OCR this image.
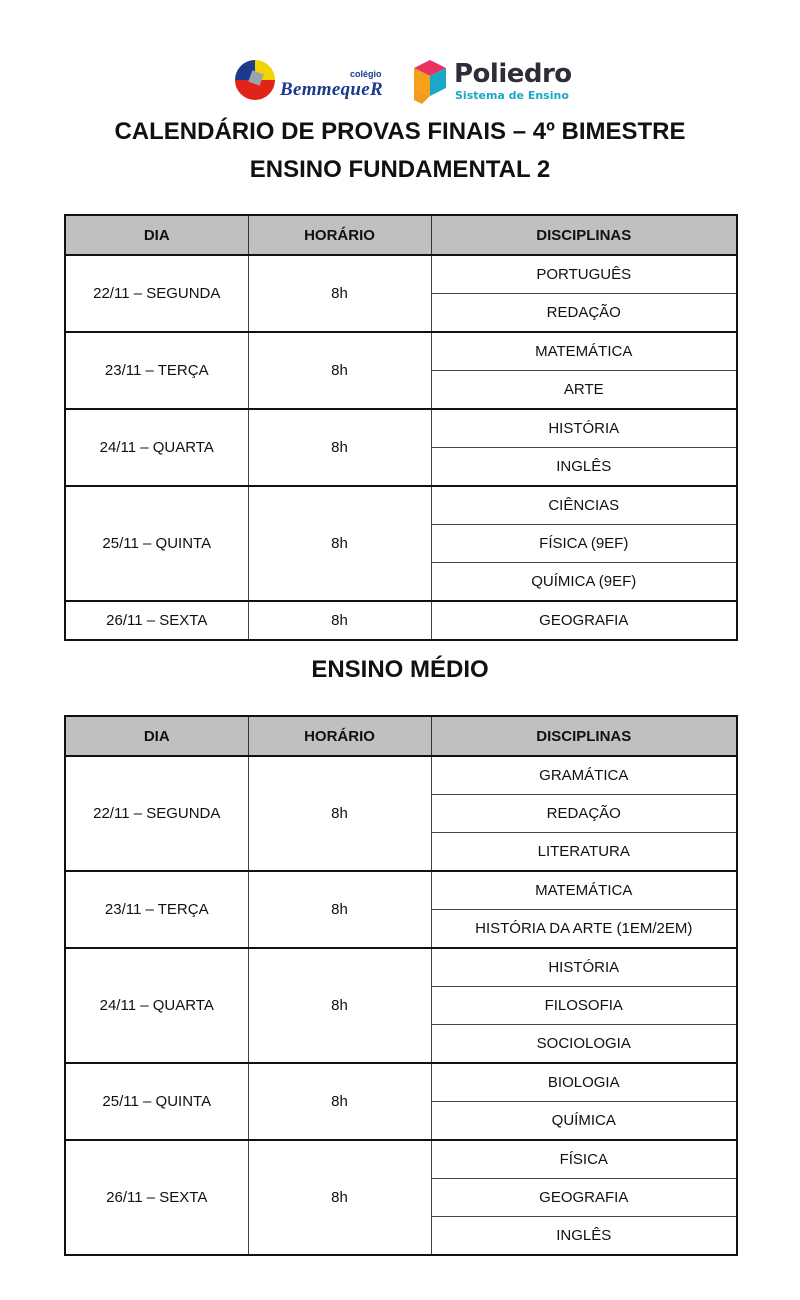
colégio
BemmequeR
Poliedro
Sistema de Ensino
CALENDÁRIO DE PROVAS FINAIS – 4º BIMESTRE
ENSINO FUNDAMENTAL 2
DIA	HORÁRIO	DISCIPLINAS
22/11 – SEGUNDA	8h	PORTUGUÊS
		REDAÇÃO
23/11 – TERÇA	8h	MATEMÁTICA
		ARTE
24/11 – QUARTA	8h	HISTÓRIA
		INGLÊS
25/11 – QUINTA	8h	CIÊNCIAS
		FÍSICA (9EF)
		QUÍMICA (9EF)
26/11 – SEXTA	8h	GEOGRAFIA
ENSINO MÉDIO
DIA	HORÁRIO	DISCIPLINAS
22/11 – SEGUNDA	8h	GRAMÁTICA
		REDAÇÃO
		LITERATURA
23/11 – TERÇA	8h	MATEMÁTICA
		HISTÓRIA DA ARTE (1EM/2EM)
24/11 – QUARTA	8h	HISTÓRIA
		FILOSOFIA
		SOCIOLOGIA
25/11 – QUINTA	8h	BIOLOGIA
		QUÍMICA
26/11 – SEXTA	8h	FÍSICA
		GEOGRAFIA
		INGLÊS
